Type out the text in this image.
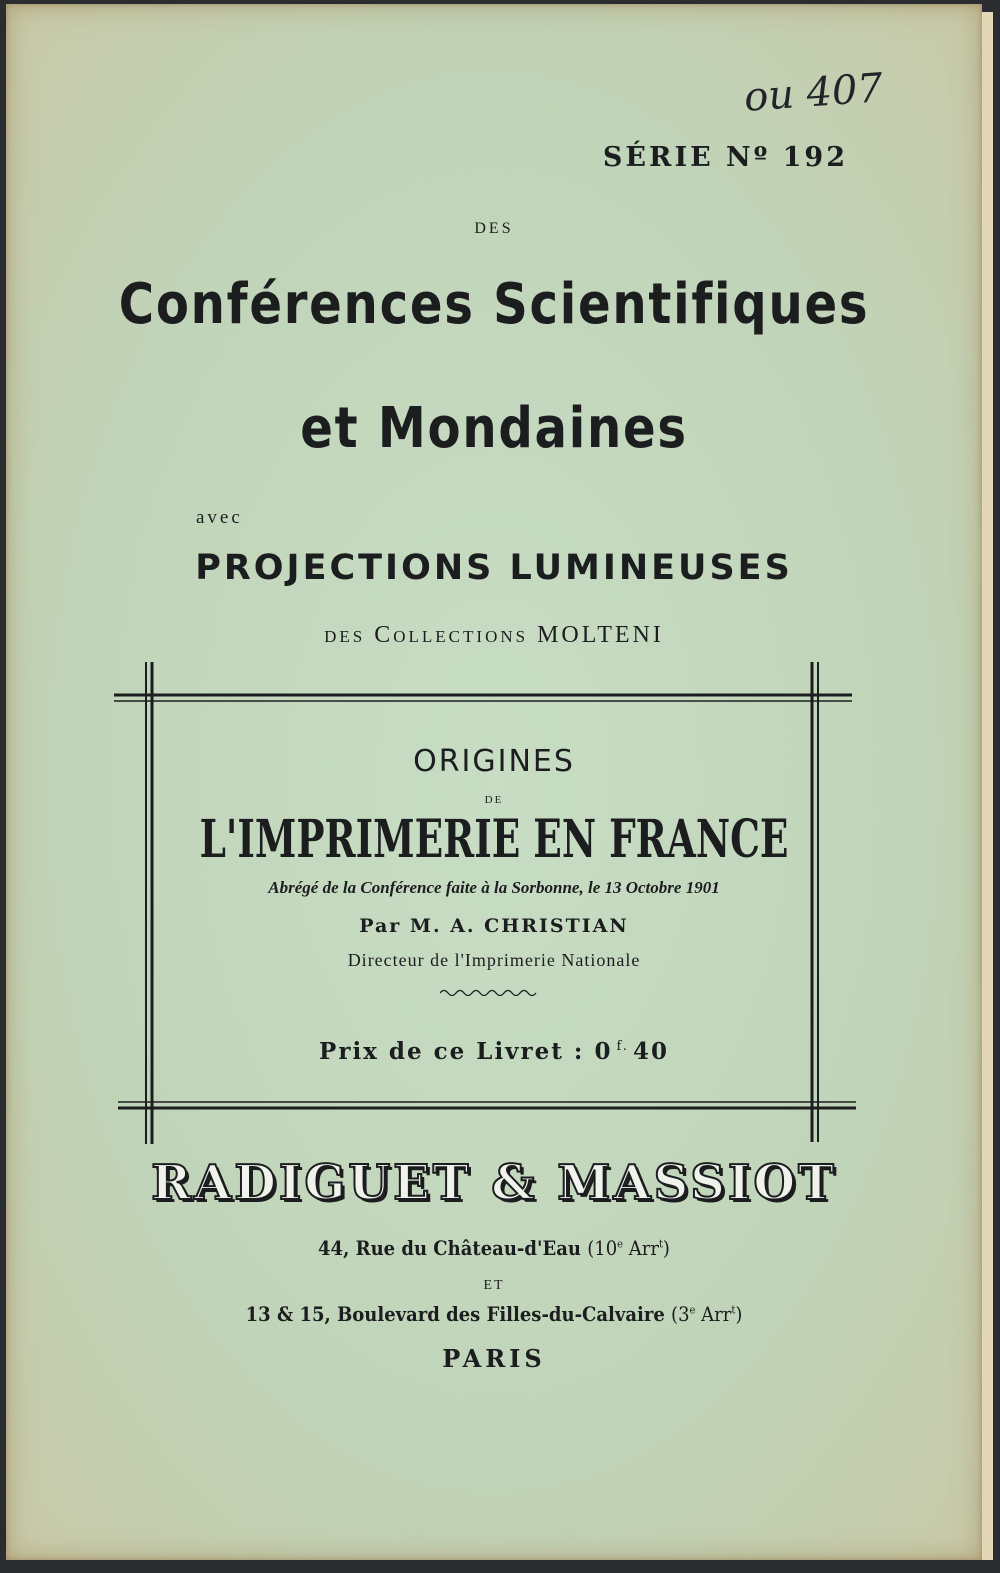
ou 407
SÉRIE Nº 192

DES

Conférences Scientifiques

et Mondaines

avec

PROJECTIONS LUMINEUSES

des Collections MOLTENI

ORIGINES

DE

L'IMPRIMERIE EN FRANCE

Abrégé de la Conférence faite à la Sorbonne, le 13 Octobre 1901

Par M. A. CHRISTIAN

Directeur de l'Imprimerie Nationale

Prix de ce Livret : 0 $^{f.}$ 40

RADIGUET & MASSIOT

44, Rue du Château-d'Eau (10e Arr$^t$)

ET

13 & 15, Boulevard des Filles-du-Calvaire (3e Arr$^t$)

PARIS
